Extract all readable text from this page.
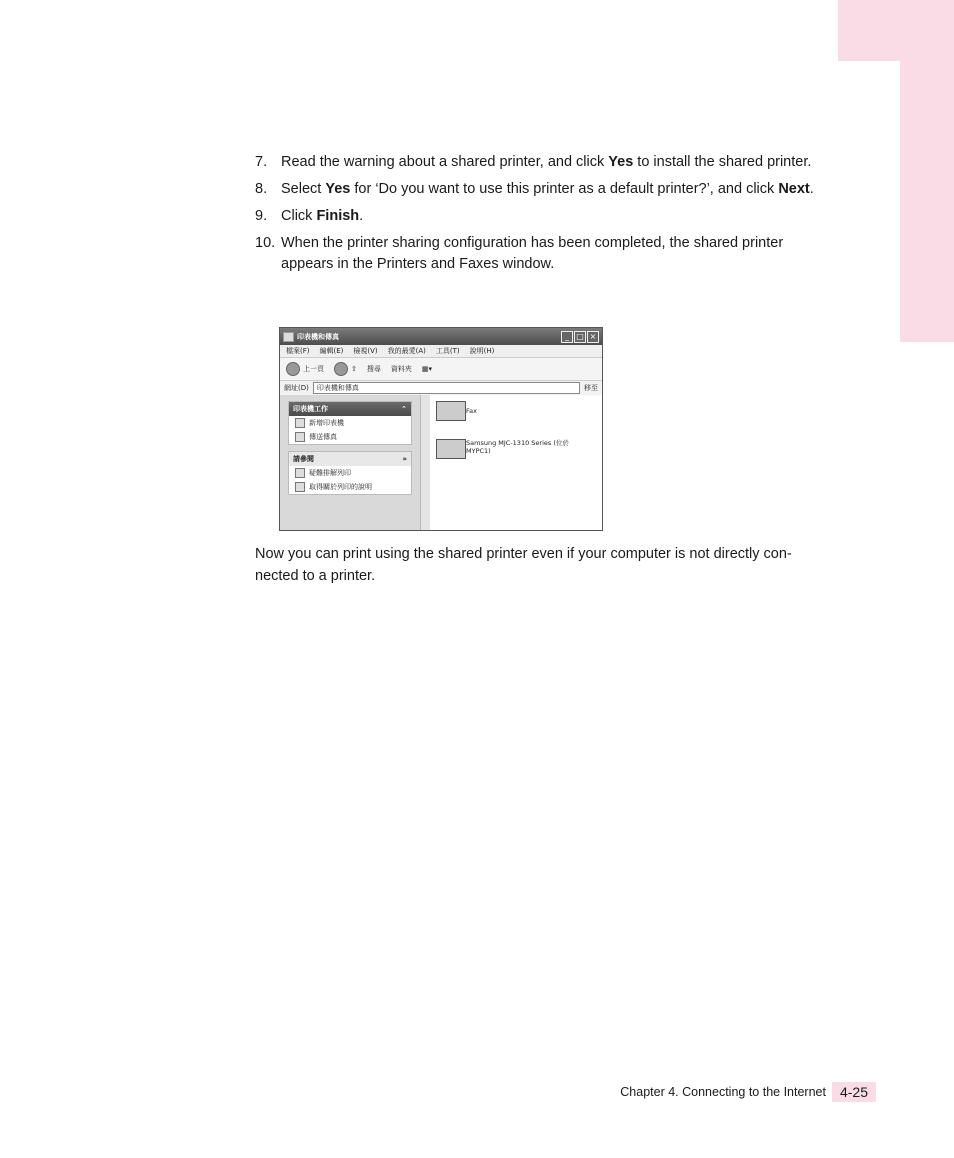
7. Read the warning about a shared printer, and click Yes to install the shared printer.
8. Select Yes for ‘Do you want to use this printer as a default printer?’, and click Next.
9. Click Finish.
10. When the printer sharing configuration has been completed, the shared printer appears in the Printers and Faxes window.
印表機和傳真	_ □ ×
檔案(F) 編輯(E) 檢視(V) 我的最愛(A) 工具(T) 說明(H)
上一頁	⇧ 搜尋 資料夾 ▦▾
網址(D) 印表機和傳真	移至
印表機工作	⌃
新增印表機
傳送傳真
請參閱	»
疑難排解列印
取得關於列印的說明
Fax
Samsung MJC-1310 Series (位於 MYPC1)
Now you can print using the shared printer even if your computer is not directly con-nected to a printer.
Chapter 4. Connecting to the Internet	4-25
